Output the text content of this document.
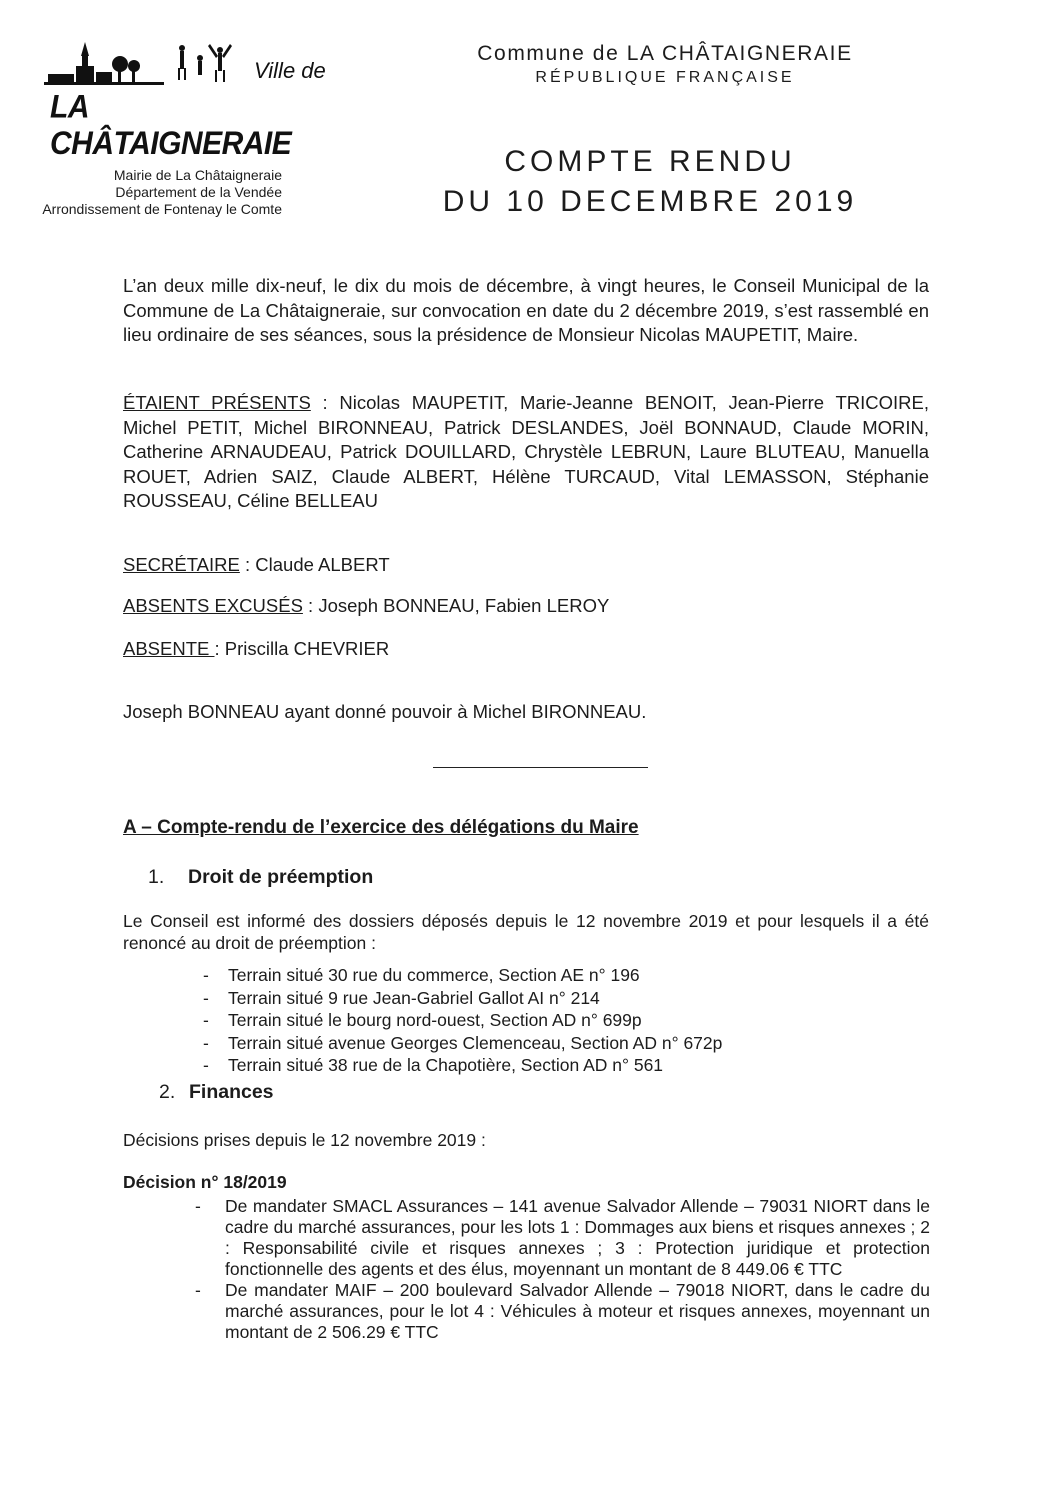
Ville de
LA CHÂTAIGNERAIE
Mairie de La Châtaigneraie
Département de la Vendée
Arrondissement de Fontenay le Comte
Commune de LA CHÂTAIGNERAIE
RÉPUBLIQUE FRANÇAISE
COMPTE RENDU
DU 10 DECEMBRE 2019
L’an deux mille dix-neuf, le dix du mois de décembre, à vingt heures, le Conseil Municipal de la Commune de La Châtaigneraie, sur convocation en date du 2 décembre 2019, s’est rassemblé en lieu ordinaire de ses séances, sous la présidence de Monsieur Nicolas MAUPETIT, Maire.
ÉTAIENT PRÉSENTS : Nicolas MAUPETIT, Marie-Jeanne BENOIT, Jean-Pierre TRICOIRE, Michel PETIT, Michel BIRONNEAU, Patrick DESLANDES, Joël BONNAUD, Claude MORIN, Catherine ARNAUDEAU, Patrick DOUILLARD, Chrystèle LEBRUN, Laure BLUTEAU, Manuella ROUET, Adrien SAIZ, Claude ALBERT, Hélène TURCAUD, Vital LEMASSON, Stéphanie ROUSSEAU, Céline BELLEAU
SECRÉTAIRE : Claude ALBERT
ABSENTS EXCUSÉS : Joseph BONNEAU, Fabien LEROY
ABSENTE : Priscilla CHEVRIER
Joseph BONNEAU ayant donné pouvoir à Michel BIRONNEAU.
A – Compte-rendu de l’exercice des délégations du Maire
1. Droit de préemption
Le Conseil est informé des dossiers déposés depuis le 12 novembre 2019 et pour lesquels il a été renoncé au droit de préemption :
- Terrain situé 30 rue du commerce, Section AE n° 196
- Terrain situé 9 rue Jean-Gabriel Gallot AI n° 214
- Terrain situé le bourg nord-ouest, Section AD n° 699p
- Terrain situé avenue Georges Clemenceau, Section AD n° 672p
- Terrain situé 38 rue de la Chapotière, Section AD n° 561
2. Finances
Décisions prises depuis le 12 novembre 2019 :
Décision n° 18/2019
- De mandater SMACL Assurances – 141 avenue Salvador Allende – 79031 NIORT dans le cadre du marché assurances, pour les lots 1 : Dommages aux biens et risques annexes ; 2 : Responsabilité civile et risques annexes ; 3 : Protection juridique et protection fonctionnelle des agents et des élus, moyennant un montant de 8 449.06 € TTC
- De mandater MAIF – 200 boulevard Salvador Allende – 79018 NIORT, dans le cadre du marché assurances, pour le lot 4 : Véhicules à moteur et risques annexes, moyennant un montant de 2 506.29 € TTC
